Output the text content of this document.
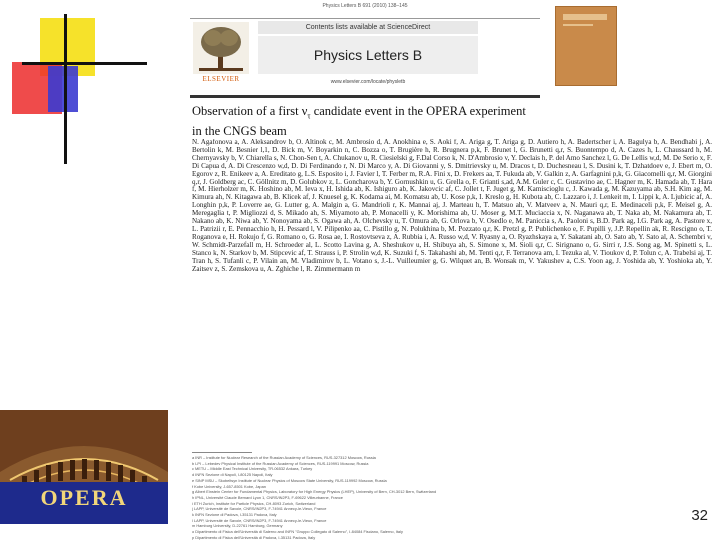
Physics Letters B 691 (2010) 138–145
ELSEVIER
Contents lists available at ScienceDirect
Physics Letters B
www.elsevier.com/locate/physletb
Observation of a first $\nu_\tau$ candidate event in the OPERA experiment
in the CNGS beam
N. Agafonova a, A. Aleksandrov b, O. Altinok c, M. Ambrosio d, A. Anokhina e, S. Aoki f, A. Ariga g, T. Ariga g, D. Autiero h, A. Badertscher i, A. Bagulya b, A. Bendhabi j, A. Bertolin k, M. Besnier l,1, D. Bick m, V. Boyarkin n, C. Bozza o, T. Brugière h, R. Brugnera p,k, F. Brunet l, G. Brunetti q,r, S. Buontempo d, A. Cazes h, L. Chaussard h, M. Chernyavsky b, V. Chiarella s, N. Chon-Sen t, A. Chukanov u, R. Ciesielski g, F.Dal Corso k, N. D'Ambrosio v, Y. Declais h, P. del Amo Sanchez l, G. De Lellis w,d, M. De Serio x, F. Di Capua d, A. Di Crescenzo w,d, D. Di Ferdinando r, N. Di Marco y, A. Di Giovanni y, S. Dmitrievsky u, M. Dracos t, D. Duchesneau l, S. Dusini k, T. Dzhatdoev e, J. Ebert m, O. Egorov z, R. Enikeev a, A. Ereditato g, L.S. Esposito i, J. Favier l, T. Ferber m, R.A. Fini x, D. Frekers aa, T. Fukuda ab, V. Galkin z, A. Garfagnini p,k, G. Giacomelli q,r, M. Giorgini q,r, J. Goldberg ac, C. Göllnitz m, D. Golubkov z, L. Goncharova b, Y. Gornushkin u, G. Grella o, F. Grianti s,ad, A.M. Guler c, C. Gustavino ae, C. Hagner m, K. Hamada ab, T. Hara f, M. Hierholzer m, K. Hoshino ab, M. Ieva x, H. Ishida ab, K. Ishiguro ab, K. Jakovcic af, C. Jollet t, F. Juget g, M. Kamiscioglu c, J. Kawada g, M. Kazuyama ab, S.H. Kim ag, M. Kimura ah, N. Kitagawa ab, B. Klicek af, J. Knuesel g, K. Kodama ai, M. Komatsu ab, U. Kose p,k, I. Kreslo g, H. Kubota ab, C. Lazzaro i, J. Lenkeit m, I. Lippi k, A. Ljubicic af, A. Longhin p,k, P. Loverre ae, G. Lutter g, A. Malgin a, G. Mandrioli r, K. Mannai aj, J. Marteau h, T. Matsuo ah, V. Matveev a, N. Mauri q,r, E. Medinaceli p,k, F. Meisel g, A. Meregaglia t, P. Migliozzi d, S. Mikado ah, S. Miyamoto ab, P. Monacelli y, K. Morishima ab, U. Moser g, M.T. Muciaccia x, N. Naganawa ab, T. Naka ab, M. Nakamura ab, T. Nakano ab, K. Niwa ab, Y. Nonoyama ab, S. Ogawa ah, A. Olchevsky u, T. Omura ab, G. Orlova b, V. Osedlo e, M. Paniccia s, A. Paoloni s, B.D. Park ag, I.G. Park ag, A. Pastore x, L. Patrizii r, E. Pennacchio h, H. Pessard l, V. Pilipenko aa, C. Pistillo g, N. Polukhina b, M. Pozzato q,r, K. Pretzl g, P. Publichenko e, F. Pupilli y, J.P. Repellin ak, R. Rescigno o, T. Roganova e, H. Rokujo f, G. Romano o, G. Rosa ae, I. Rostovtseva z, A. Rubbia i, A. Russo w,d, V. Ryasny a, O. Ryazhskaya a, Y. Sakatani ab, O. Sato ab, Y. Sato al, A. Schembri v, W. Schmidt-Parzefall m, H. Schroeder al, L. Scotto Lavina g, A. Sheshukov u, H. Shibuya ah, S. Simone x, M. Sioli q,r, C. Sirignano o, G. Sirri r, J.S. Song ag, M. Spinetti s, L. Stanco k, N. Starkov b, M. Stipcevic af, T. Strauss i, P. Strolin w,d, K. Suzuki f, S. Takahashi ab, M. Tenti q,r, F. Terranova am, I. Tezuka al, V. Tioukov d, P. Tolun c, A. Trabelsi aj, T. Tran h, S. Tufanli c, P. Vilain an, M. Vladimirov b, L. Votano s, J.-L. Vuilleumier g, G. Wilquet an, B. Wonsak m, V. Yakushev a, C.S. Yoon ag, J. Yoshida ab, Y. Yoshioka ab, Y. Zaitsev z, S. Zemskova u, A. Zghiche l, R. Zimmermann m
a INR – Institute for Nuclear Research of the Russian Academy of Sciences, RUS-327312 Moscow, Russia
b LPI – Lebedev Physical Institute of the Russian Academy of Sciences, RUS-119991 Moscow, Russia
c METU – Middle East Technical University, TR-06532 Ankara, Turkey
d INFN Sezione di Napoli, I-80125 Napoli, Italy
e SINP MSU – Skobeltsyn Institute of Nuclear Physics of Moscow State University, RUS-119992 Moscow, Russia
f Kobe University, J-657-8501 Kobe, Japan
g Albert Einstein Center for Fundamental Physics, Laboratory for High Energy Physics (LHEP), University of Bern, CH-3012 Bern, Switzerland
h IPNL, Université Claude Bernard Lyon 1, CNRS/IN2P3, F-69622 Villeurbanne, France
i ETH Zurich, Institute for Particle Physics, CH-8093 Zurich, Switzerland
j LAPP, Université de Savoie, CNRS/IN2P3, F-74941 Annecy-le-Vieux, France
k INFN Sezione di Padova, I-35131 Padova, Italy
l LAPP, Université de Savoie, CNRS/IN2P3, F-74941 Annecy-le-Vieux, France
m Hamburg University, D-22761 Hamburg, Germany
o Dipartimento di Fisica dell'Università di Salerno and INFN "Gruppo Collegato di Salerno", I-84084 Fisciano, Salerno, Italy
p Dipartimento di Fisica dell'Università di Padova, I-35131 Padova, Italy
OPERA
32
